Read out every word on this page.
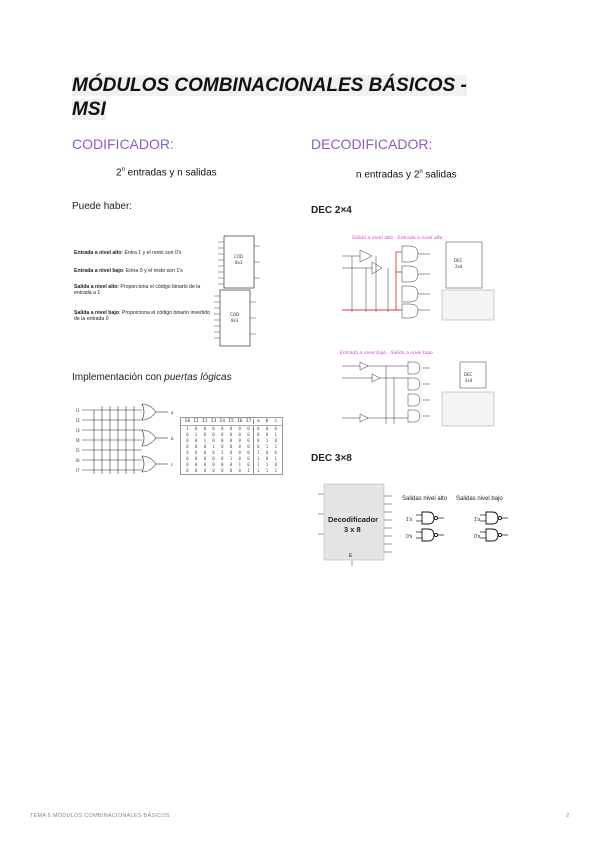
MÓDULOS COMBINACIONALES BÁSICOS -
MSI
CODIFICADOR:
2$^n$ entradas y n salidas
Puede haber:
Entrada a nivel alto: Entra 1 y el resto son 0’s
Entrada a nivel bajo: Entra 0 y el resto son 1’s
Salida a nivel alto: Proporciona el código binario de la entrada a 1
Salida a nivel bajo: Proporciona el código binario invertido de la entrada 0
COD
8x3
COD
8x3
Implementación con puertas lógicas
I1
I2
I3
I4
I5
I6
I7
a
b
c
I0 I1 I2 I3 I4 I5 I6 I7	a	b	c
1	0	0	0	0	0	0	0	0	0	0
0	1	0	0	0	0	0	0	0	0	1
0	0	1	0	0	0	0	0	0	1	0
0	0	0	1	0	0	0	0	0	1	1
0	0	0	0	1	0	0	0	1	0	0
0	0	0	0	0	1	0	0	1	0	1
0	0	0	0	0	0	1	0	1	1	0
0	0	0	0	0	0	0	1	1	1	1
DECODIFICADOR:
n entradas y 2$^n$ salidas
DEC 2×4
Salida a nivel alto - Entrada a nivel alto
DEC
2x4
Entrada a nivel bajo - Salida a nivel bajo
DEC
2x4
DEC 3×8
Decodificador
3 x 8
E
Salidas nivel alto Salidas nivel bajo
1's
0's
1's
0's
TEMA 5 MÓDULOS COMBINACIONALES BÁSICOS	2
